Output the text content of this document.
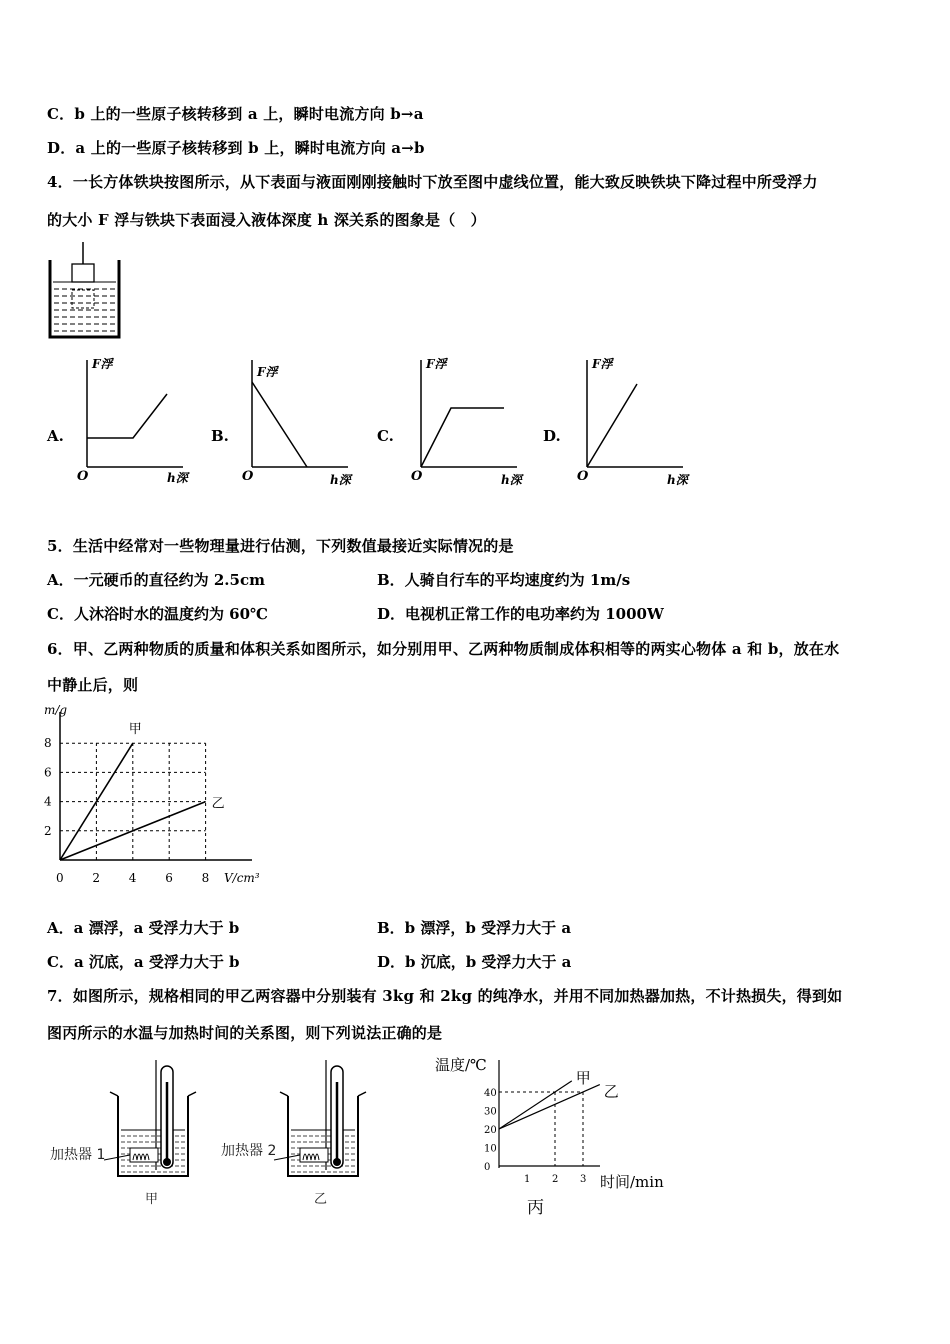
C．b 上的一些原子核转移到 a 上，瞬时电流方向 b→a
D．a 上的一些原子核转移到 b 上，瞬时电流方向 a→b
4．一长方体铁块按图所示，从下表面与液面刚刚接触时下放至图中虚线位置，能大致反映铁块下降过程中所受浮力
的大小 F 浮与铁块下表面浸入液体深度 h 深关系的图象是（　）
A.	B.	C.	D.
F浮
O	h深
F浮
O	h深
F浮
O	h深
F浮
O	h深
5．生活中经常对一些物理量进行估测，下列数值最接近实际情况的是
A．一元硬币的直径约为 2.5cm	B．人骑自行车的平均速度约为 1m/s
C．人沐浴时水的温度约为 60℃	D．电视机正常工作的电功率约为 1000W
6．甲、乙两种物质的质量和体积关系如图所示，如分别用甲、乙两种物质制成体积相等的两实心物体 a 和 b，放在水
中静止后，则
0 2 4 6 8
2
4
6
8
m/g
V/cm³
甲
乙
A．a 漂浮，a 受浮力大于 b	B．b 漂浮，b 受浮力大于 a
C．a 沉底，a 受浮力大于 b	D．b 沉底，b 受浮力大于 a
7．如图所示，规格相同的甲乙两容器中分别装有 3kg 和 2kg 的纯净水，并用不同加热器加热，不计热损失，得到如
图丙所示的水温与加热时间的关系图，则下列说法正确的是
加热器 1
甲
加热器 2
乙
0
10
20
30
40
1 2 3
甲
乙
温度/℃
时间/min
丙
